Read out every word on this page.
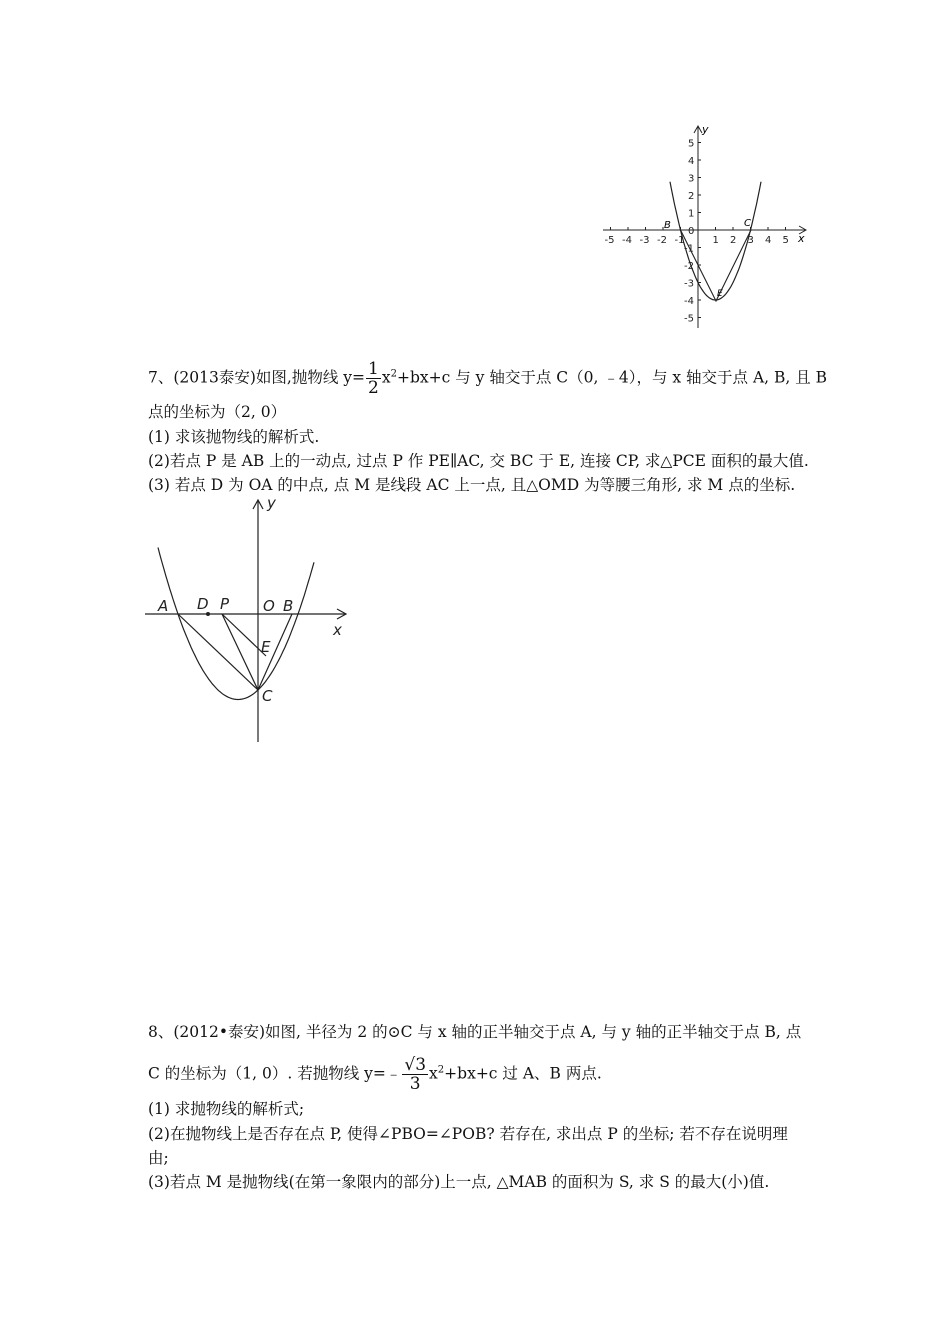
-5 -4 -3 -2 -1	1 2 3 4 5
5
4
3
2
1
0
-1
-2
-3
-4
-5
y
x
B	C
E
7、(2013泰安)如图,抛物线 $y= \frac{1}{2} x^2+bx+c$ 与 y 轴交于点 C（0, ﹣4），与 x 轴交于点 A, B, 且 B
点的坐标为（2, 0）
(1) 求该抛物线的解析式.
(2)若点 P 是 AB 上的一动点, 过点 P 作 PE∥AC, 交 BC 于 E, 连接 CP, 求△PCE 面积的最大值.
(3) 若点 D 为 OA 的中点, 点 M 是线段 AC 上一点, 且△OMD 为等腰三角形, 求 M 点的坐标.
y
x
A D P O B
E
C
8、(2012•泰安)如图, 半径为 2 的⊙C 与 x 轴的正半轴交于点 A, 与 y 轴的正半轴交于点 B, 点
C 的坐标为（1, 0）. 若抛物线 y=﹣ $\frac{√3}{3} x^2+bx+c$ 过 A、B 两点.
(1) 求抛物线的解析式;
(2)在抛物线上是否存在点 P, 使得∠PBO=∠POB? 若存在, 求出点 P 的坐标; 若不存在说明理
由;
(3)若点 M 是抛物线(在第一象限内的部分)上一点, △MAB 的面积为 S, 求 S 的最大(小)值.
